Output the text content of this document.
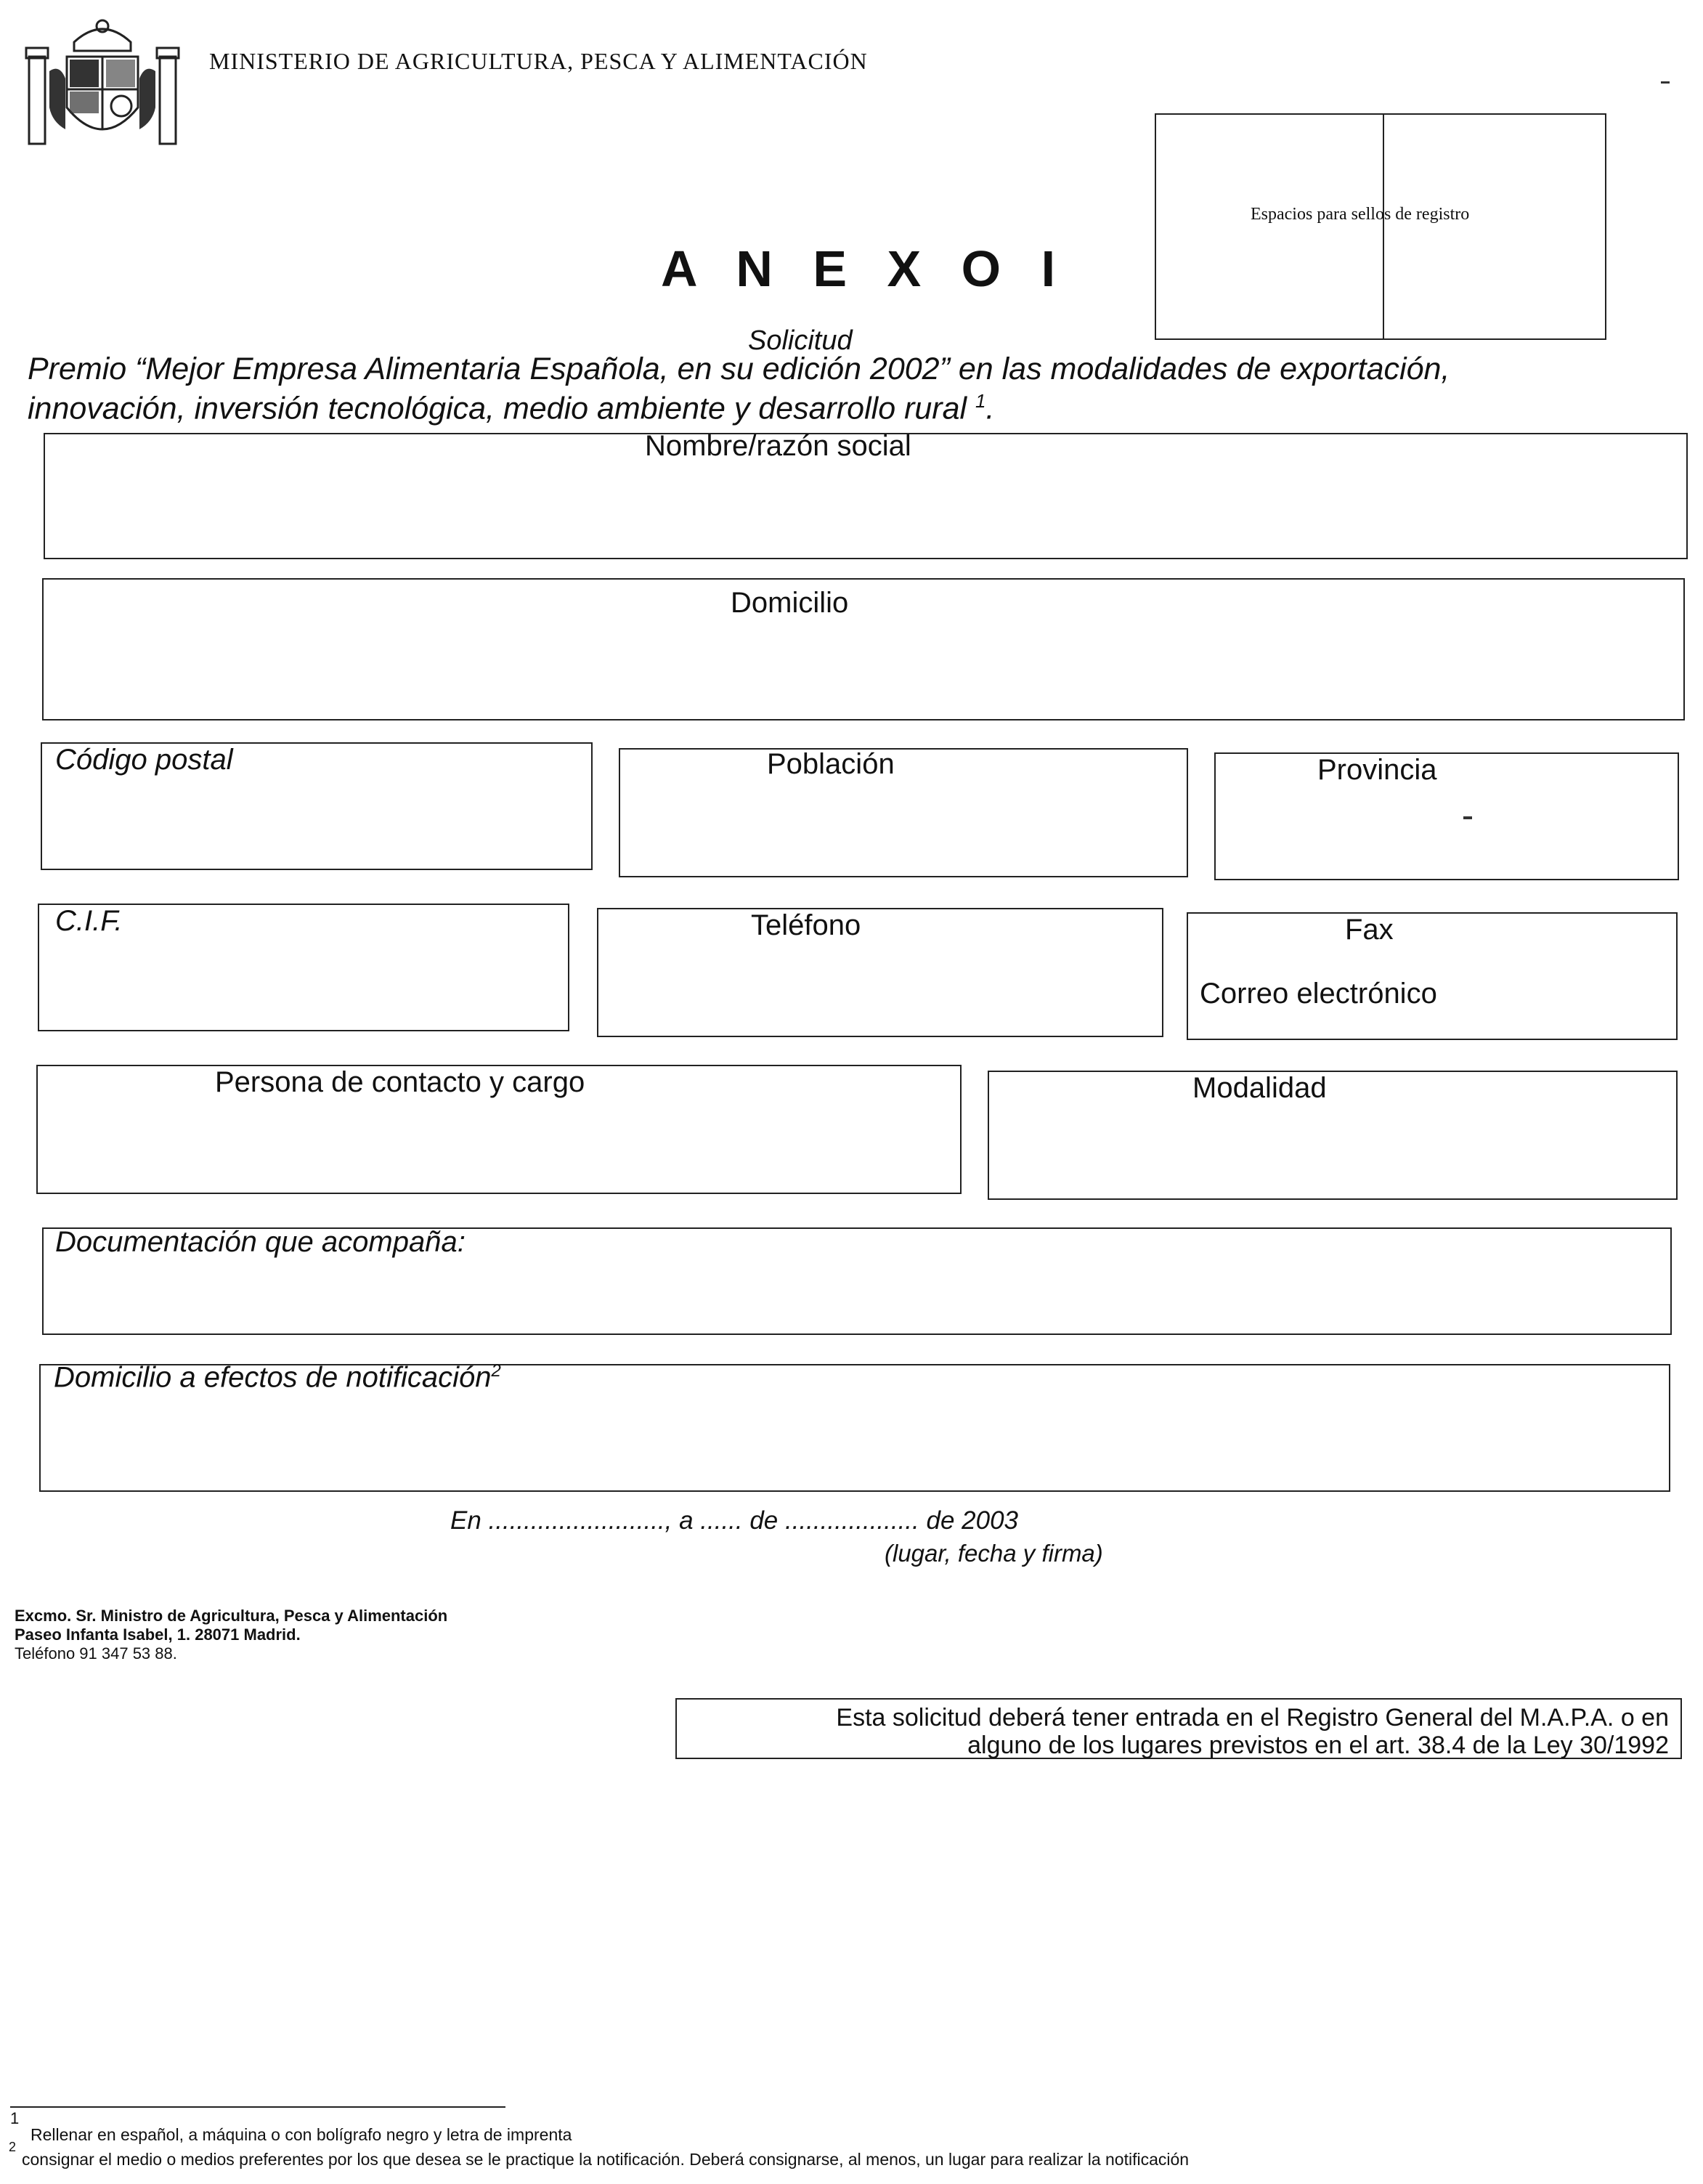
MINISTERIO DE AGRICULTURA, PESCA Y ALIMENTACIÓN
Espacios para sellos de registro
A N E X O I
Solicitud
Premio “Mejor Empresa Alimentaria Española, en su edición 2002” en las modalidades de exportación,
innovación, inversión tecnológica, medio ambiente y desarrollo rural $^1$.
Nombre/razón social
Domicilio
Código postal	Población	Provincia
C.I.F.	Teléfono	Fax
Correo electrónico
Persona de contacto y cargo	Modalidad
Documentación que acompaña:
Domicilio a efectos de notificación$^2$
En ........................., a ...... de ................... de 2003
(lugar, fecha y firma)
Excmo. Sr. Ministro de Agricultura, Pesca y Alimentación
Paseo Infanta Isabel, 1. 28071 Madrid.
Teléfono 91 347 53 88.
Esta solicitud deberá tener entrada en el Registro General del M.A.P.A. o en
alguno de los lugares previstos en el art. 38.4 de la Ley 30/1992
1
Rellenar en español, a máquina o con bolígrafo negro y letra de imprenta
2
consignar el medio o medios preferentes por los que desea se le practique la notificación. Deberá consignarse, al menos, un lugar para realizar la notificación
